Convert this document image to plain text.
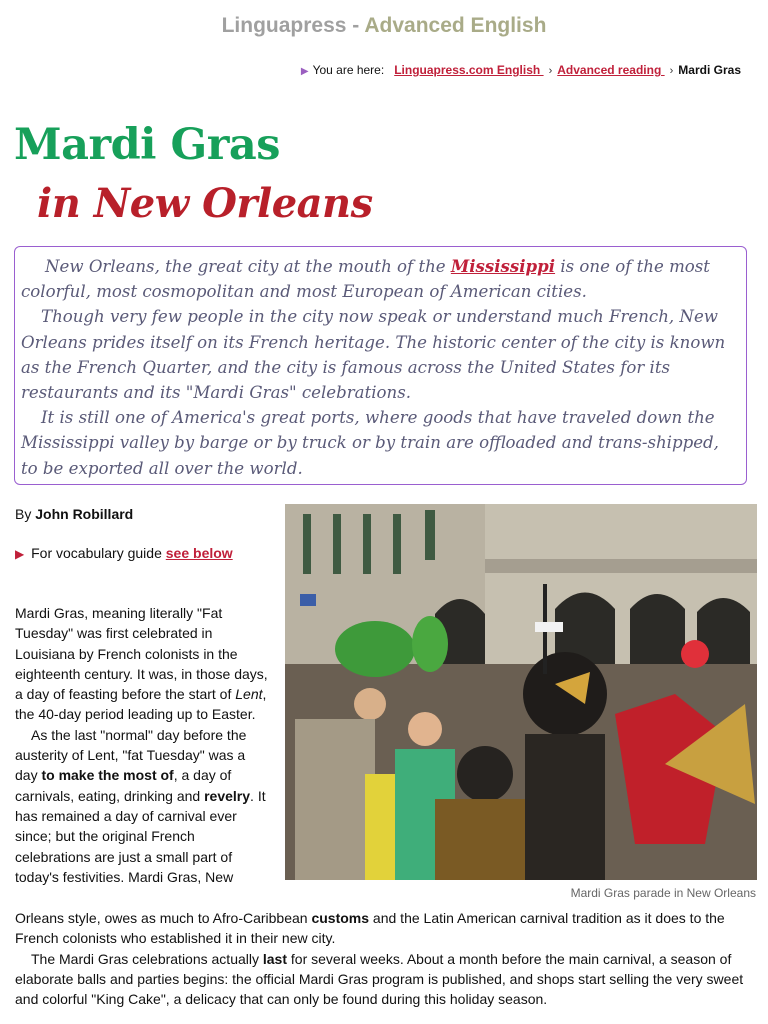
Linguapress - Advanced English
▶ You are here: Linguapress.com English › Advanced reading › Mardi Gras
Mardi Gras
in New Orleans

New Orleans, the great city at the mouth of the Mississippi is one of the most colorful, most cosmopolitan and most European of American cities.

Though very few people in the city now speak or understand much French, New Orleans prides itself on its French heritage. The historic center of the city is known as the French Quarter, and the city is famous across the United States for its restaurants and its "Mardi Gras" celebrations.

It is still one of America's great ports, where goods that have traveled down the Mississippi valley by barge or by truck or by train are offloaded and trans-shipped, to be exported all over the world.

By John Robillard
▶ For vocabulary guide see below
Mardi Gras parade in New Orleans

Mardi Gras, meaning literally "Fat Tuesday" was first celebrated in Louisiana by French colonists in the eighteenth century. It was, in those days, a day of feasting before the start of Lent, the 40-day period leading up to Easter.

As the last "normal" day before the austerity of Lent, "fat Tuesday" was a day to make the most of, a day of carnivals, eating, drinking and revelry. It has remained a day of carnival ever since; but the original French celebrations are just a small part of today's festivities. Mardi Gras, New

Orleans style, owes as much to Afro-Caribbean customs and the Latin American carnival tradition as it does to the French colonists who established it in their new city.

The Mardi Gras celebrations actually last for several weeks. About a month before the main carnival, a season of elaborate balls and parties begins: the official Mardi Gras program is published, and shops start selling the very sweet and colorful "King Cake", a delicacy that can only be found during this holiday season.
